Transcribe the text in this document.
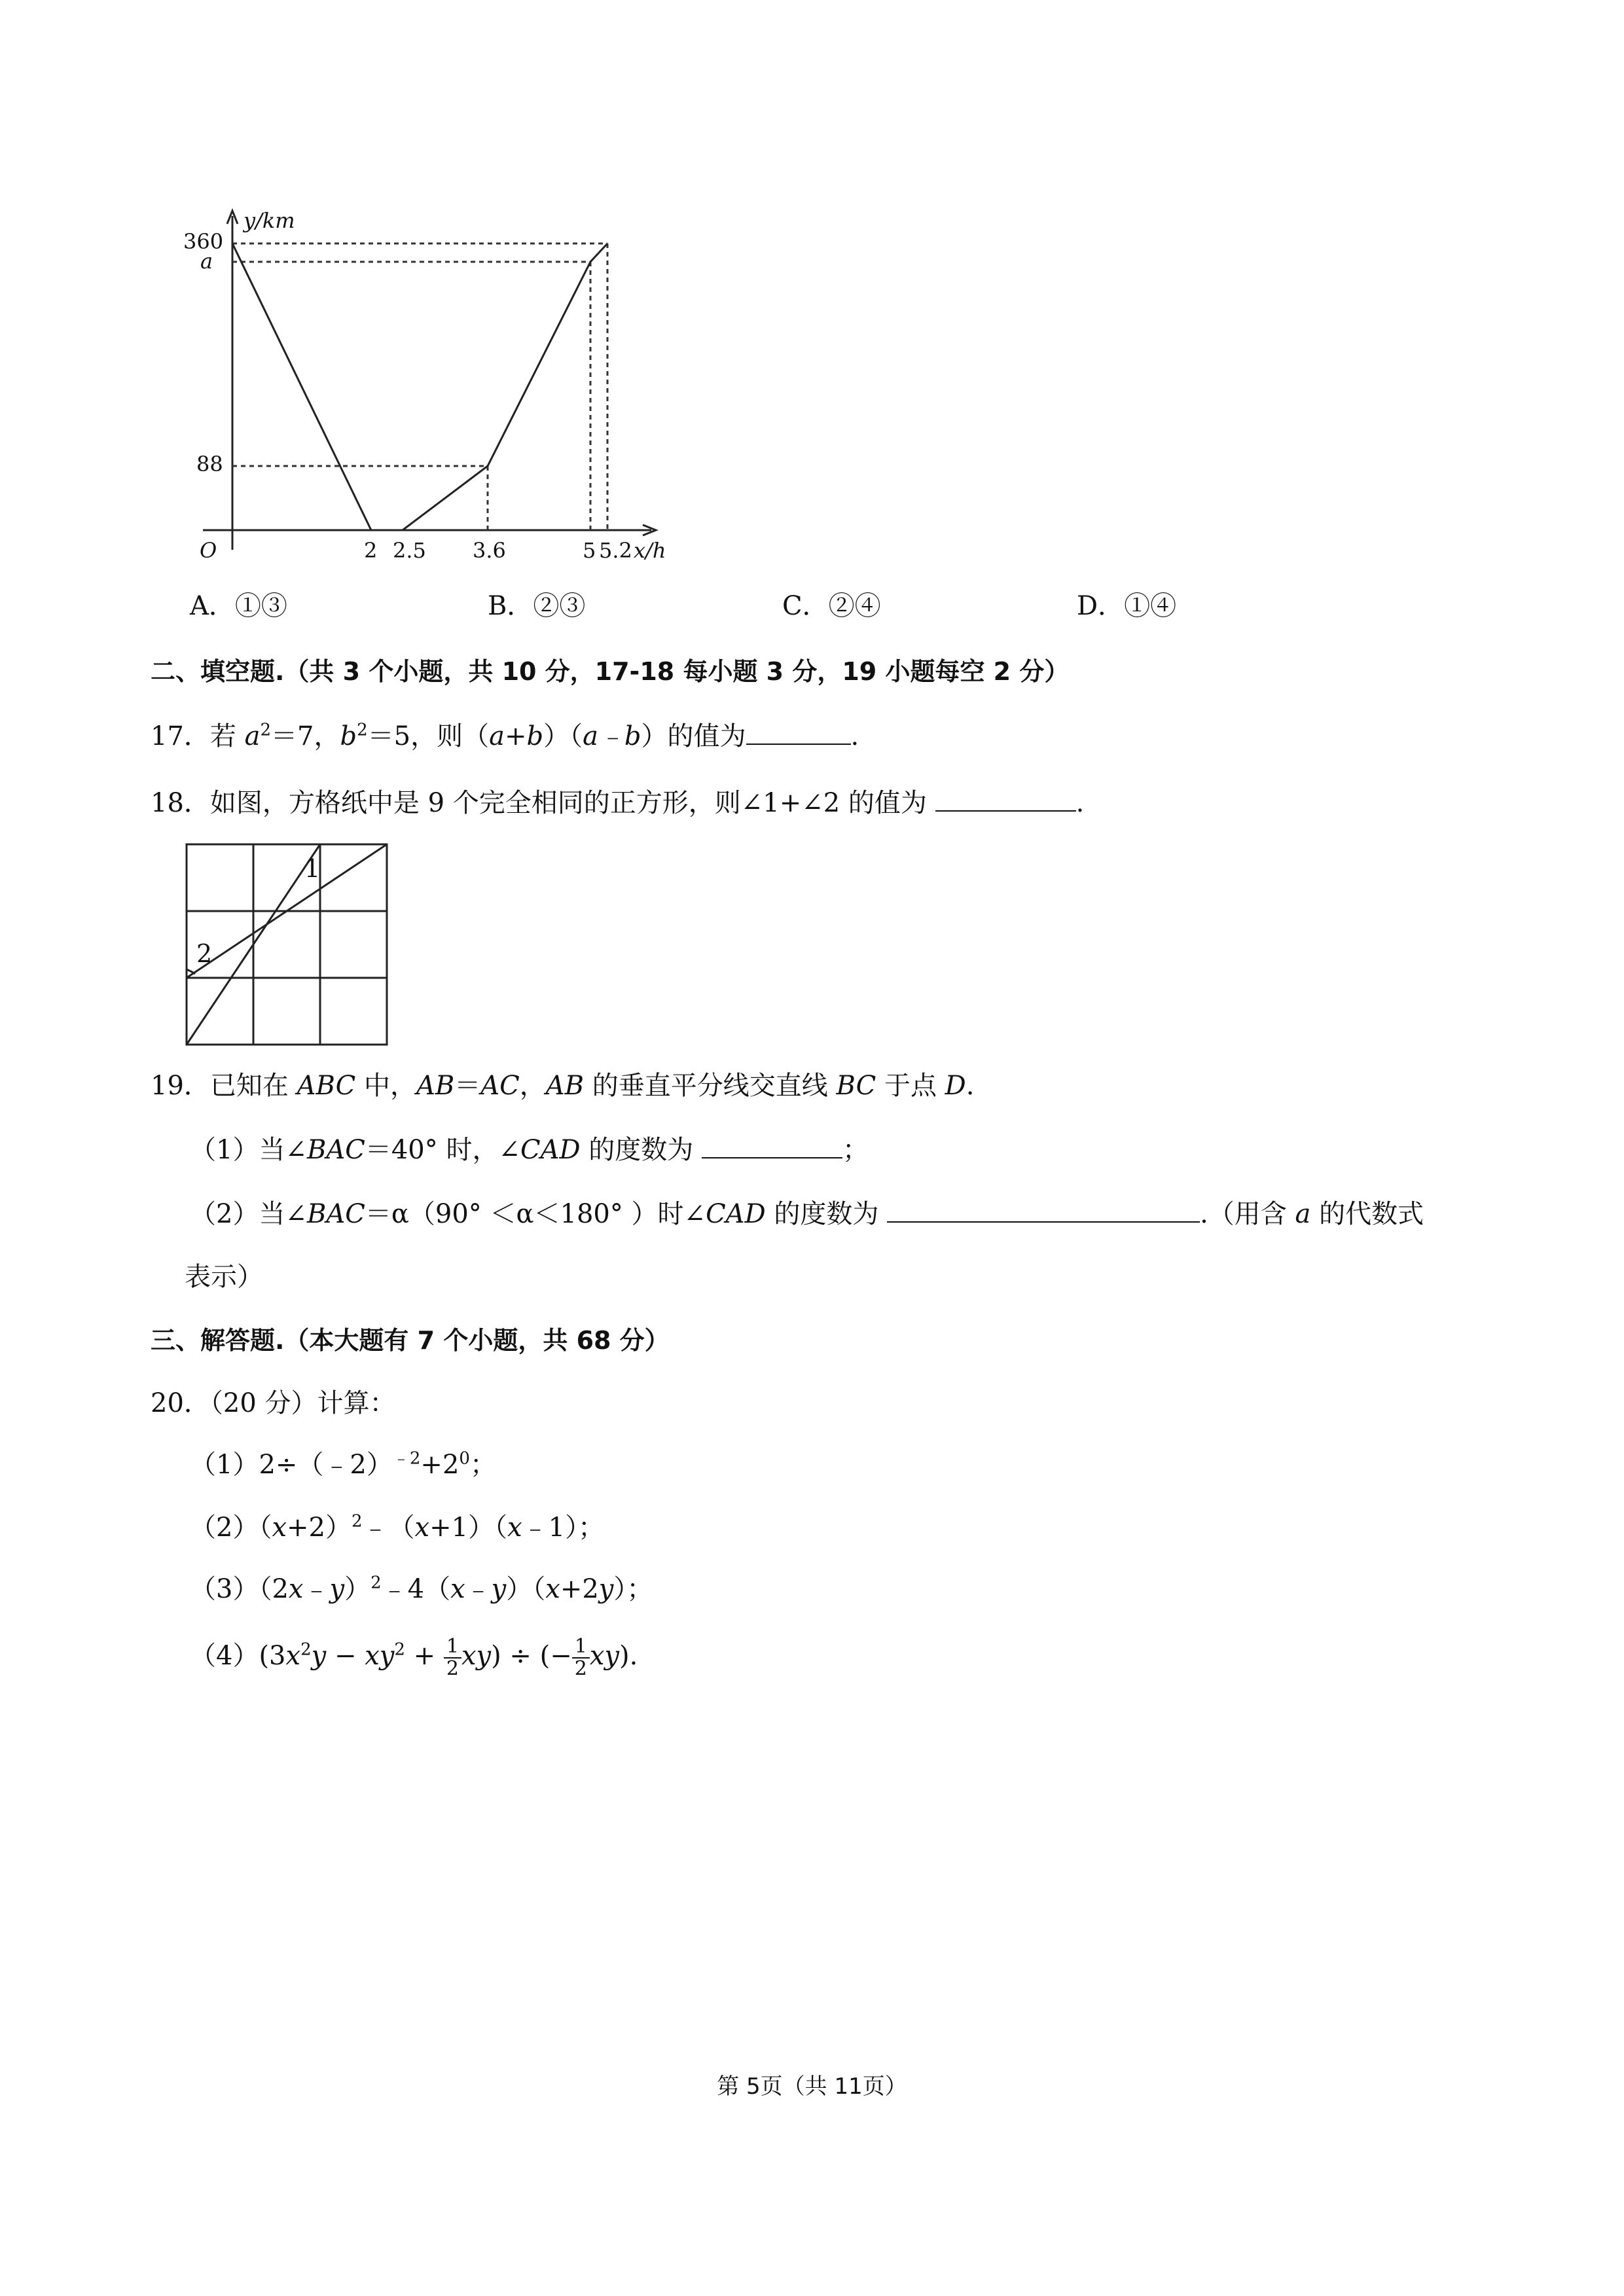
y/km
x/h
O
360
a
88
2 2.5 3.6	5 5.2
A．①③	B．②③	C．②④	D．①④
二、填空题.（共 3 个小题，共 10 分，17-18 每小题 3 分，19 小题每空 2 分）
17．若 $a^2=7$，$b^2=5$，则（a+b）（a﹣b）的值为	.
18．如图，方格纸中是 9 个完全相同的正方形，则∠1+∠2 的值为	.
1
2
19．已知在 ABC 中，AB＝AC，AB 的垂直平分线交直线 BC 于点 D.
（1）当∠BAC＝40° 时，∠CAD 的度数为	；
（2）当∠BAC＝α（90° ＜α＜180° ）时∠CAD 的度数为	.（用含 a 的代数式
表示）
三、解答题.（本大题有 7 个小题，共 68 分）
20．（20 分）计算：
$(1)2\div(﹣2)^{﹣2}+2^0$；
$(2)(x+2)^2﹣(x+1)(x﹣1)$；
（3）（2x﹣y）$^2$﹣4（x﹣y）（x+2y）；
$(4)(3x^2y - xy^2 + \frac{1}{2} xy)$ ÷ (− $\frac{1}{2} xy$).
第 5页（共 11页）
